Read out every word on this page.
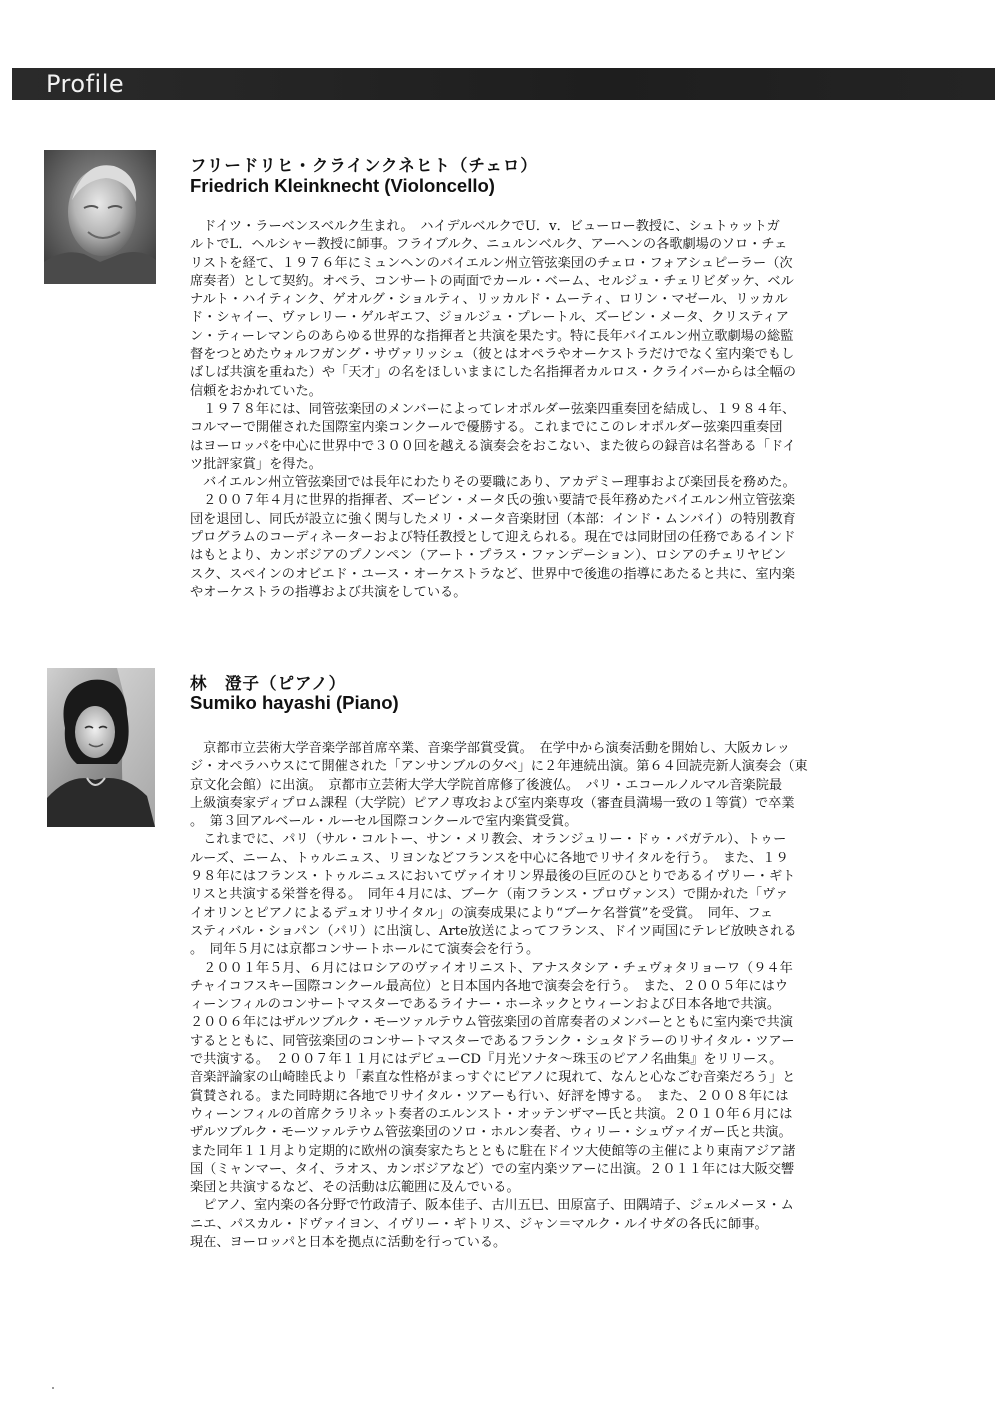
Profile
フリードリヒ・クラインクネヒト（チェロ）
Friedrich Kleinknecht (Violoncello)
　ドイツ・ラーベンスベルク生まれ。　ハイデルベルクでU．v．ビューロー教授に、シュトゥットガ
ルトでL．ヘルシャー教授に師事。フライブルク、ニュルンベルク、アーヘンの各歌劇場のソロ・チェ
リストを経て、１９７６年にミュンヘンのバイエルン州立管弦楽団のチェロ・フォアシュピーラー（次
席奏者）として契約。オペラ、コンサートの両面でカール・ベーム、セルジュ・チェリビダッケ、ベル
ナルト・ハイティンク、ゲオルグ・ショルティ、リッカルド・ムーティ、ロリン・マゼール、リッカル
ド・シャイー、ヴァレリー・ゲルギエフ、ジョルジュ・プレートル、ズービン・メータ、クリスティア
ン・ティーレマンらのあらゆる世界的な指揮者と共演を果たす。特に長年バイエルン州立歌劇場の総監
督をつとめたウォルフガング・サヴァリッシュ（彼とはオペラやオーケストラだけでなく室内楽でもし
ばしば共演を重ねた）や「天才」の名をほしいままにした名指揮者カルロス・クライバーからは全幅の
信頼をおかれていた。
　１９７８年には、同管弦楽団のメンバーによってレオポルダー弦楽四重奏団を結成し、１９８４年、
コルマーで開催された国際室内楽コンクールで優勝する。これまでにこのレオポルダー弦楽四重奏団
はヨーロッパを中心に世界中で３００回を越える演奏会をおこない、また彼らの録音は名誉ある「ドイ
ツ批評家賞」を得た。
　バイエルン州立管弦楽団では長年にわたりその要職にあり、アカデミー理事および楽団長を務めた。
　２００７年４月に世界的指揮者、ズービン・メータ氏の強い要請で長年務めたバイエルン州立管弦楽
団を退団し、同氏が設立に強く関与したメリ・メータ音楽財団（本部：インド・ムンバイ）の特別教育
プログラムのコーディネーターおよび特任教授として迎えられる。現在では同財団の任務であるインド
はもとより、カンボジアのプノンペン（アート・プラス・ファンデーション）、ロシアのチェリヤビン
スク、スペインのオビエド・ユース・オーケストラなど、世界中で後進の指導にあたると共に、室内楽
やオーケストラの指導および共演をしている。
林　澄子（ピアノ）
Sumiko hayashi (Piano)
　京都市立芸術大学音楽学部首席卒業、音楽学部賞受賞。　在学中から演奏活動を開始し、大阪カレッ
ジ・オペラハウスにて開催された「アンサンブルの夕べ」に２年連続出演。第６４回読売新人演奏会（東
京文化会館）に出演。　京都市立芸術大学大学院首席修了後渡仏。　パリ・エコールノルマル音楽院最
上級演奏家ディプロム課程（大学院）ピアノ専攻および室内楽専攻（審査員満場一致の１等賞）で卒業
。　第３回アルベール・ルーセル国際コンクールで室内楽賞受賞。
　これまでに、パリ（サル・コルトー、サン・メリ教会、オランジュリー・ドゥ・バガテル）、トゥー
ルーズ、ニーム、トゥルニュス、リヨンなどフランスを中心に各地でリサイタルを行う。　また、１９
９８年にはフランス・トゥルニュスにおいてヴァイオリン界最後の巨匠のひとりであるイヴリー・ギト
リスと共演する栄誉を得る。　同年４月には、ブーケ（南フランス・プロヴァンス）で開かれた「ヴァ
イオリンとピアノによるデュオリサイタル」の演奏成果により“ブーケ名誉賞”を受賞。　同年、フェ
スティバル・ショパン（パリ）に出演し、Arte放送によってフランス、ドイツ両国にテレビ放映される
。　同年５月には京都コンサートホールにて演奏会を行う。
　２００１年５月、６月にはロシアのヴァイオリニスト、アナスタシア・チェヴォタリョーワ（９４年
チャイコフスキー国際コンクール最高位）と日本国内各地で演奏会を行う。　また、２００５年にはウ
ィーンフィルのコンサートマスターであるライナー・ホーネックとウィーンおよび日本各地で共演。
２００６年にはザルツブルク・モーツァルテウム管弦楽団の首席奏者のメンバーとともに室内楽で共演
するとともに、同管弦楽団のコンサートマスターであるフランク・シュタドラーのリサイタル・ツアー
で共演する。　２００７年１１月にはデビューCD『月光ソナタ～珠玉のピアノ名曲集』をリリース。
音楽評論家の山崎睦氏より「素直な性格がまっすぐにピアノに現れて、なんと心なごむ音楽だろう」と
賞賛される。また同時期に各地でリサイタル・ツアーも行い、好評を博する。　また、２００８年には
ウィーンフィルの首席クラリネット奏者のエルンスト・オッテンザマー氏と共演。２０１０年６月には
ザルツブルク・モーツァルテウム管弦楽団のソロ・ホルン奏者、ウィリー・シュヴァイガー氏と共演。
また同年１１月より定期的に欧州の演奏家たちとともに駐在ドイツ大使館等の主催により東南アジア諸
国（ミャンマー、タイ、ラオス、カンボジアなど）での室内楽ツアーに出演。２０１１年には大阪交響
楽団と共演するなど、その活動は広範囲に及んでいる。
　ピアノ、室内楽の各分野で竹政清子、阪本佳子、古川五巳、田原富子、田隅靖子、ジェルメーヌ・ム
ニエ、パスカル・ドヴァイヨン、イヴリー・ギトリス、ジャン＝マルク・ルイサダの各氏に師事。
現在、ヨーロッパと日本を拠点に活動を行っている。
